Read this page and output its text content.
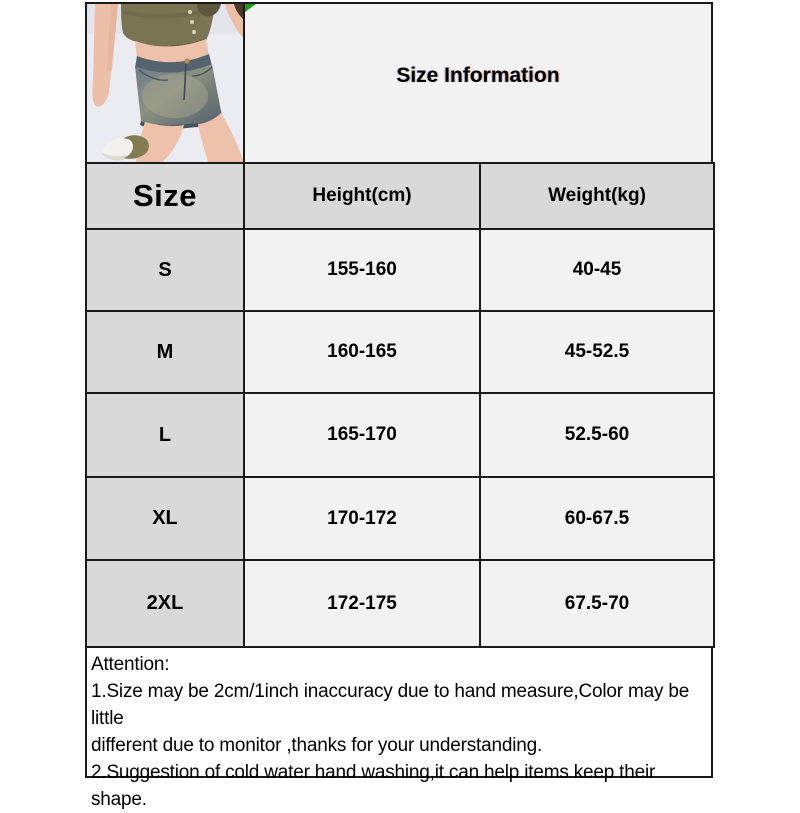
Size Information
Size	Height(cm)	Weight(kg)
S	155-160	40-45
M	160-165	45-52.5
L	165-170	52.5-60
XL	170-172	60-67.5
2XL	172-175	67.5-70
Attention:
1.Size may be 2cm/1inch inaccuracy due to hand measure,Color may be little
different due to monitor ,thanks for your understanding.
2.Suggestion of cold water hand washing,it can help items keep their shape.
